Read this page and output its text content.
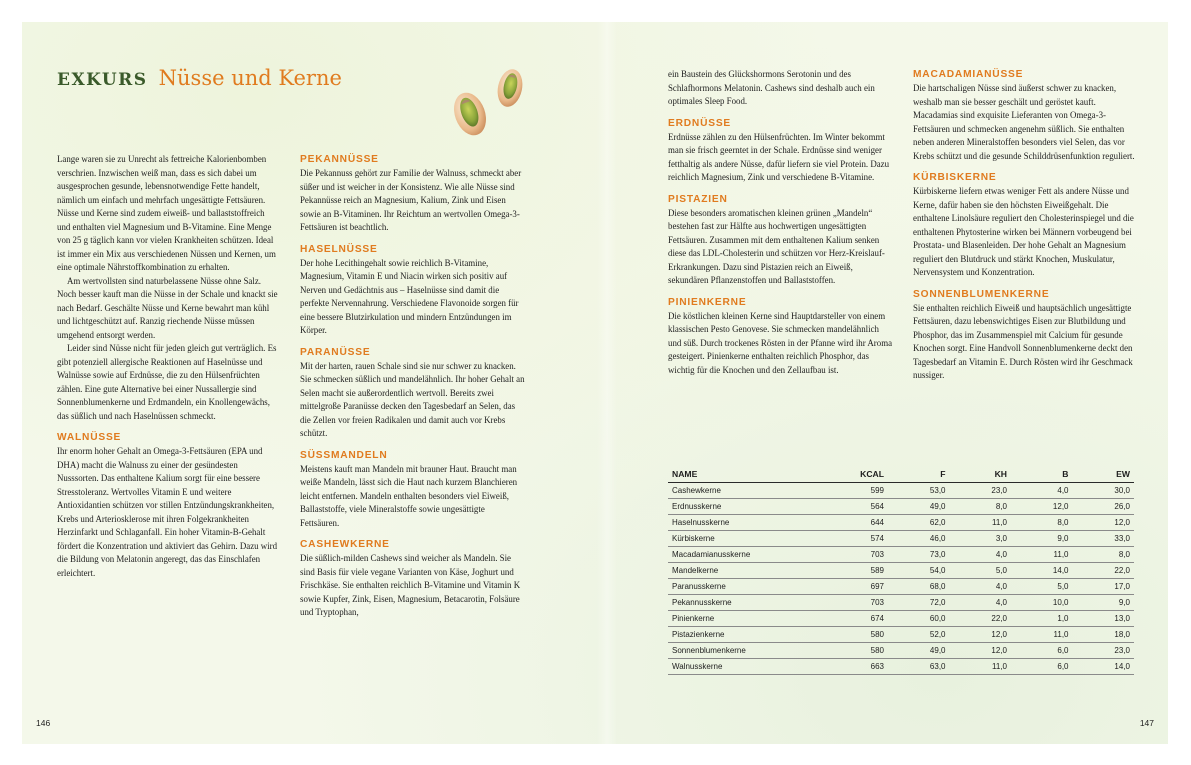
EXKURS Nüsse und Kerne

Lange waren sie zu Unrecht als fettreiche Kalorienbomben verschrien. Inzwischen weiß man, dass es sich dabei um ausgesprochen gesunde, lebensnotwendige Fette handelt, nämlich um einfach und mehrfach ungesättigte Fettsäuren. Nüsse und Kerne sind zudem eiweiß- und ballaststoffreich und enthalten viel Magnesium und B-Vitamine. Eine Menge von 25 g täglich kann vor vielen Krankheiten schützen. Ideal ist immer ein Mix aus verschiedenen Nüssen und Kernen, um eine optimale Nährstoffkombination zu erhalten.

Am wertvollsten sind naturbelassene Nüsse ohne Salz. Noch besser kauft man die Nüsse in der Schale und knackt sie nach Bedarf. Geschälte Nüsse und Kerne bewahrt man kühl und lichtgeschützt auf. Ranzig riechende Nüsse müssen umgehend entsorgt werden.

Leider sind Nüsse nicht für jeden gleich gut verträglich. Es gibt potenziell allergische Reaktionen auf Haselnüsse und Walnüsse sowie auf Erdnüsse, die zu den Hülsenfrüchten zählen. Eine gute Alternative bei einer Nussallergie sind Sonnenblumenkerne und Erdmandeln, ein Knollengewächs, das süßlich und nach Haselnüssen schmeckt.

WALNÜSSE

Ihr enorm hoher Gehalt an Omega-3-Fettsäuren (EPA und DHA) macht die Walnuss zu einer der gesündesten Nusssorten. Das enthaltene Kalium sorgt für eine bessere Stresstoleranz. Wertvolles Vitamin E und weitere Antioxidantien schützen vor stillen Entzündungskrankheiten, Krebs und Arteriosklerose mit ihren Folgekrankheiten Herzinfarkt und Schlaganfall. Ein hoher Vitamin-B-Gehalt fördert die Konzentration und aktiviert das Gehirn. Dazu wird die Bildung von Melatonin angeregt, das das Einschlafen erleichtert.

PEKANNÜSSE

Die Pekannuss gehört zur Familie der Walnuss, schmeckt aber süßer und ist weicher in der Konsistenz. Wie alle Nüsse sind Pekannüsse reich an Magnesium, Kalium, Zink und Eisen sowie an B-Vitaminen. Ihr Reichtum an wertvollen Omega-3-Fettsäuren ist beachtlich.

HASELNÜSSE

Der hohe Lecithingehalt sowie reichlich B-Vitamine, Magnesium, Vitamin E und Niacin wirken sich positiv auf Nerven und Gedächtnis aus – Haselnüsse sind damit die perfekte Nervennahrung. Verschiedene Flavonoide sorgen für eine bessere Blutzirkulation und mindern Entzündungen im Körper.

PARANÜSSE

Mit der harten, rauen Schale sind sie nur schwer zu knacken. Sie schmecken süßlich und mandelähnlich. Ihr hoher Gehalt an Selen macht sie außerordentlich wertvoll. Bereits zwei mittelgroße Paranüsse decken den Tagesbedarf an Selen, das die Zellen vor freien Radikalen und damit auch vor Krebs schützt.

SÜSSMANDELN

Meistens kauft man Mandeln mit brauner Haut. Braucht man weiße Mandeln, lässt sich die Haut nach kurzem Blanchieren leicht entfernen. Mandeln enthalten besonders viel Eiweiß, Ballaststoffe, viele Mineralstoffe sowie ungesättigte Fettsäuren.

CASHEWKERNE

Die süßlich-milden Cashews sind weicher als Mandeln. Sie sind Basis für viele vegane Varianten von Käse, Joghurt und Frischkäse. Sie enthalten reichlich B-Vitamine und Vitamin K sowie Kupfer, Zink, Eisen, Magnesium, Betacarotin, Folsäure und Tryptophan,

ein Baustein des Glückshormons Serotonin und des Schlafhormons Melatonin. Cashews sind deshalb auch ein optimales Sleep Food.

ERDNÜSSE

Erdnüsse zählen zu den Hülsenfrüchten. Im Winter bekommt man sie frisch geerntet in der Schale. Erdnüsse sind weniger fetthaltig als andere Nüsse, dafür liefern sie viel Protein. Dazu reichlich Magnesium, Zink und verschiedene B-Vitamine.

PISTAZIEN

Diese besonders aromatischen kleinen grünen „Mandeln“ bestehen fast zur Hälfte aus hochwertigen ungesättigten Fettsäuren. Zusammen mit dem enthaltenen Kalium senken diese das LDL-Cholesterin und schützen vor Herz-Kreislauf-Erkrankungen. Dazu sind Pistazien reich an Eiweiß, sekundären Pflanzenstoffen und Ballaststoffen.

PINIENKERNE

Die köstlichen kleinen Kerne sind Hauptdarsteller von einem klassischen Pesto Genovese. Sie schmecken mandelähnlich und süß. Durch trockenes Rösten in der Pfanne wird ihr Aroma gesteigert. Pinienkerne enthalten reichlich Phosphor, das wichtig für die Knochen und den Zellaufbau ist.

MACADAMIANÜSSE

Die hartschaligen Nüsse sind äußerst schwer zu knacken, weshalb man sie besser geschält und geröstet kauft. Macadamias sind exquisite Lieferanten von Omega-3-Fettsäuren und schmecken angenehm süßlich. Sie enthalten neben anderen Mineralstoffen besonders viel Selen, das vor Krebs schützt und die gesunde Schilddrüsenfunktion reguliert.

KÜRBISKERNE

Kürbiskerne liefern etwas weniger Fett als andere Nüsse und Kerne, dafür haben sie den höchsten Eiweißgehalt. Die enthaltene Linolsäure reguliert den Cholesterinspiegel und die enthaltenen Phytosterine wirken bei Männern vorbeugend bei Prostata- und Blasenleiden. Der hohe Gehalt an Magnesium reguliert den Blutdruck und stärkt Knochen, Muskulatur, Nervensystem und Konzentration.

SONNENBLUMENKERNE

Sie enthalten reichlich Eiweiß und hauptsächlich ungesättigte Fettsäuren, dazu lebenswichtiges Eisen zur Blutbildung und Phosphor, das im Zusammenspiel mit Calcium für gesunde Knochen sorgt. Eine Handvoll Sonnenblumenkerne deckt den Tagesbedarf an Vitamin E. Durch Rösten wird ihr Geschmack nussiger.

NAME	KCAL	F	KH	B	EW
Cashewkerne	599	53,0	23,0	4,0	30,0
Erdnusskerne	564	49,0	8,0	12,0	26,0
Haselnusskerne	644	62,0	11,0	8,0	12,0
Kürbiskerne	574	46,0	3,0	9,0	33,0
Macadamianusskerne	703	73,0	4,0	11,0	8,0
Mandelkerne	589	54,0	5,0	14,0	22,0
Paranusskerne	697	68,0	4,0	5,0	17,0
Pekannusskerne	703	72,0	4,0	10,0	9,0
Pinienkerne	674	60,0	22,0	1,0	13,0
Pistazienkerne	580	52,0	12,0	11,0	18,0
Sonnenblumenkerne	580	49,0	12,0	6,0	23,0
Walnusskerne	663	63,0	11,0	6,0	14,0
146	147
